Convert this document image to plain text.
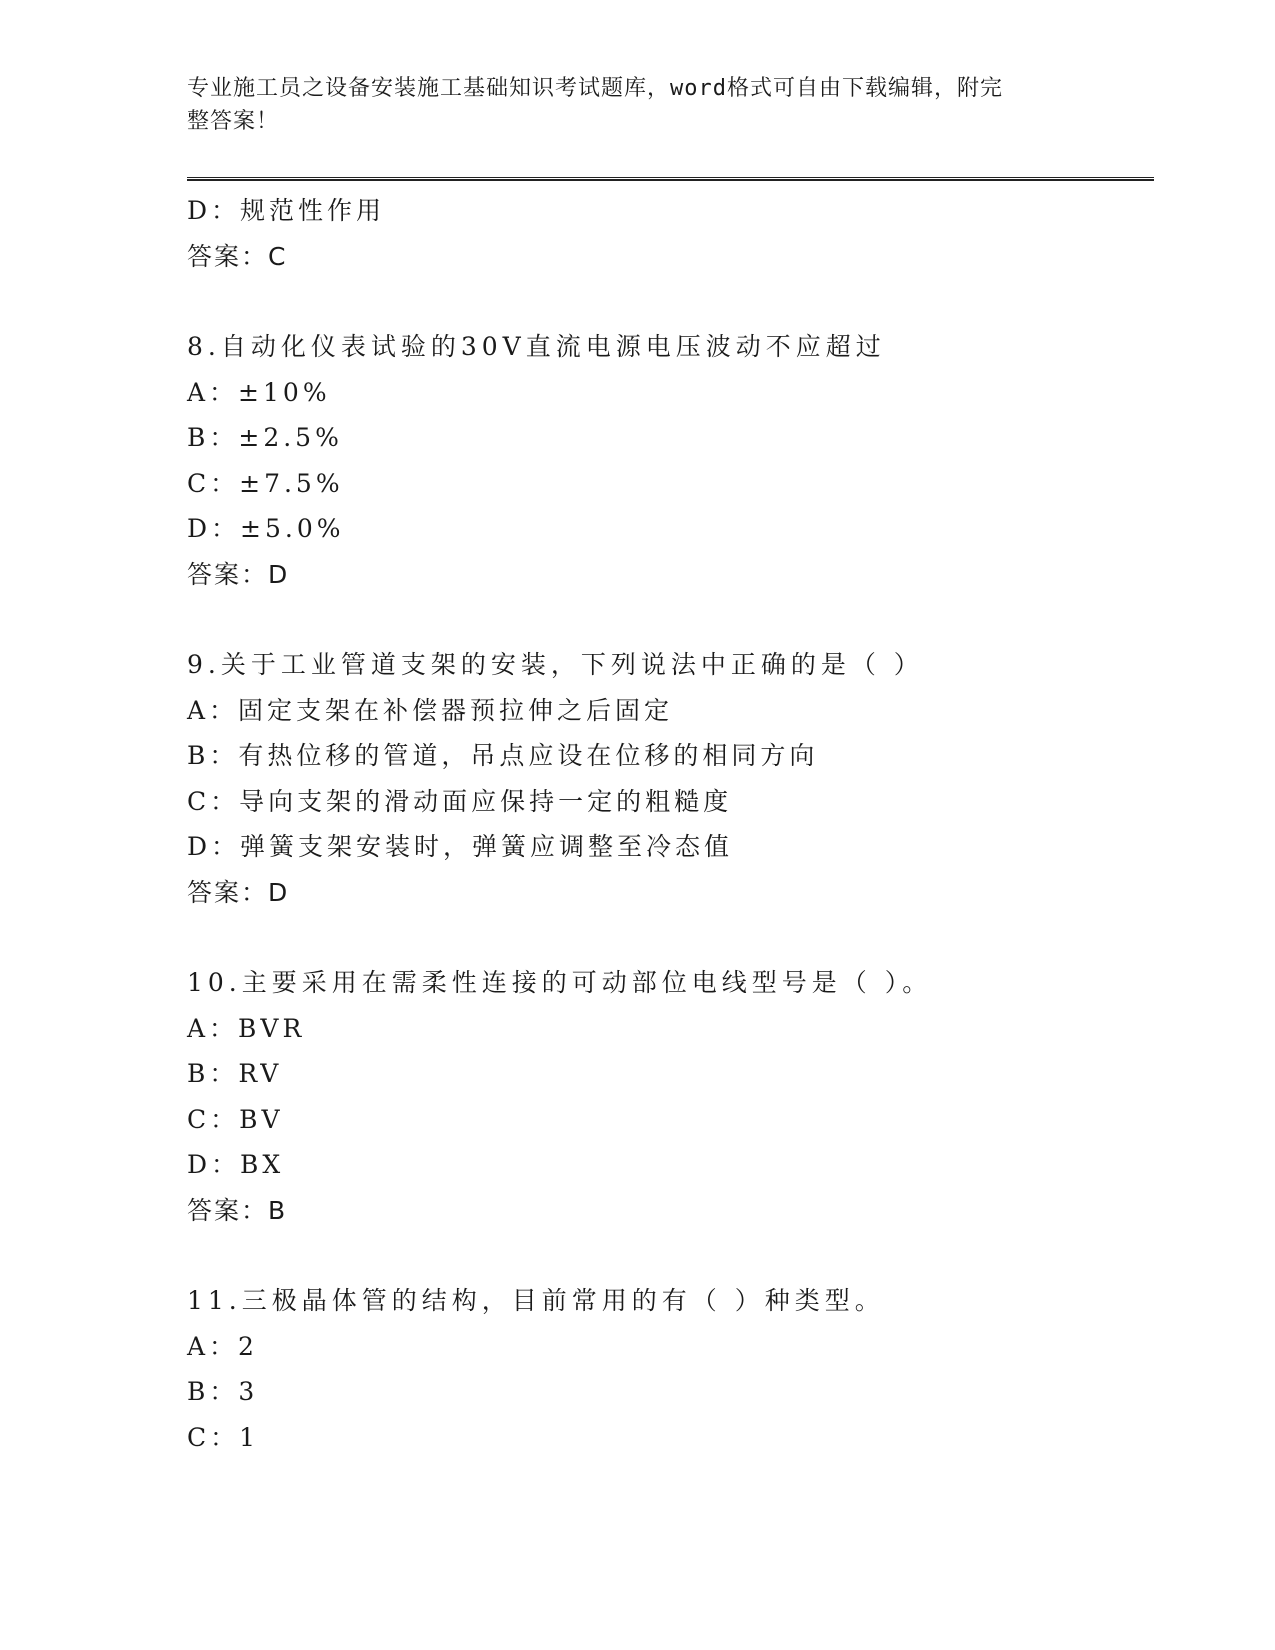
专业施工员之设备安装施工基础知识考试题库，word格式可自由下载编辑，附完
整答案！
D：规范性作用
答案：C
8.自动化仪表试验的30V直流电源电压波动不应超过
A：±10%
B：±2.5%
C：±7.5%
D：±5.0%
答案：D
9.关于工业管道支架的安装，下列说法中正确的是（ ）
A：固定支架在补偿器预拉伸之后固定
B：有热位移的管道，吊点应设在位移的相同方向
C：导向支架的滑动面应保持一定的粗糙度
D：弹簧支架安装时，弹簧应调整至冷态值
答案：D
10.主要采用在需柔性连接的可动部位电线型号是（ ）。
A：BVR
B：RV
C：BV
D：BX
答案：B
11.三极晶体管的结构，目前常用的有（ ）种类型。
A：2
B：3
C：1
